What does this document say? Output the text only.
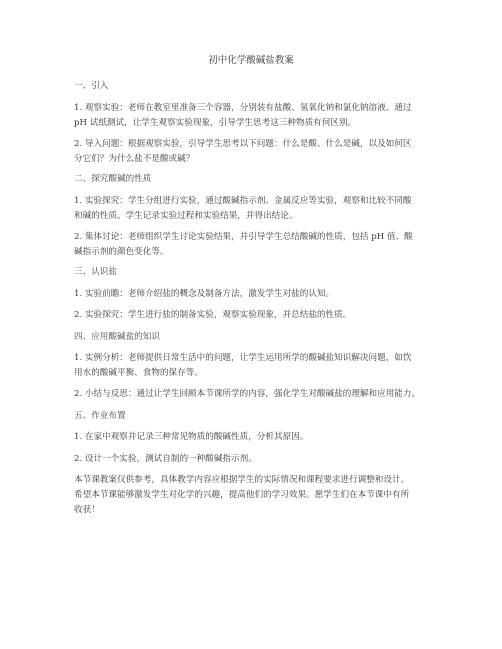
初中化学酸碱盐教案
一、引入
1. 观察实验：老师在教室里准备三个容器，分别装有盐酸、氢氧化钠和氯化钠溶液。通过
pH 试纸测试，让学生观察实验现象，引导学生思考这三种物质有何区别。
2. 导入问题：根据观察实验，引导学生思考以下问题：什么是酸、什么是碱，以及如何区
分它们？为什么盐不是酸或碱？
二、探究酸碱的性质
1. 实验探究：学生分组进行实验，通过酸碱指示剂、金属反应等实验，观察和比较不同酸
和碱的性质。学生记录实验过程和实验结果，并得出结论。
2. 集体讨论：老师组织学生讨论实验结果，并引导学生总结酸碱的性质，包括 pH 值、酸
碱指示剂的颜色变化等。
三、认识盐
1. 实验前瞻：老师介绍盐的概念及制备方法，激发学生对盐的认知。
2. 实验探究：学生进行盐的制备实验，观察实验现象，并总结盐的性质。
四、应用酸碱盐的知识
1. 实例分析：老师提供日常生活中的问题，让学生运用所学的酸碱盐知识解决问题，如饮
用水的酸碱平衡、食物的保存等。
2. 小结与反思：通过让学生回顾本节课所学的内容，强化学生对酸碱盐的理解和应用能力。
五、作业布置
1. 在家中观察并记录三种常见物质的酸碱性质，分析其原因。
2. 设计一个实验，测试自制的一种酸碱指示剂。
本节课教案仅供参考，具体教学内容应根据学生的实际情况和课程要求进行调整和设计。
希望本节课能够激发学生对化学的兴趣，提高他们的学习效果。愿学生们在本节课中有所
收获！
